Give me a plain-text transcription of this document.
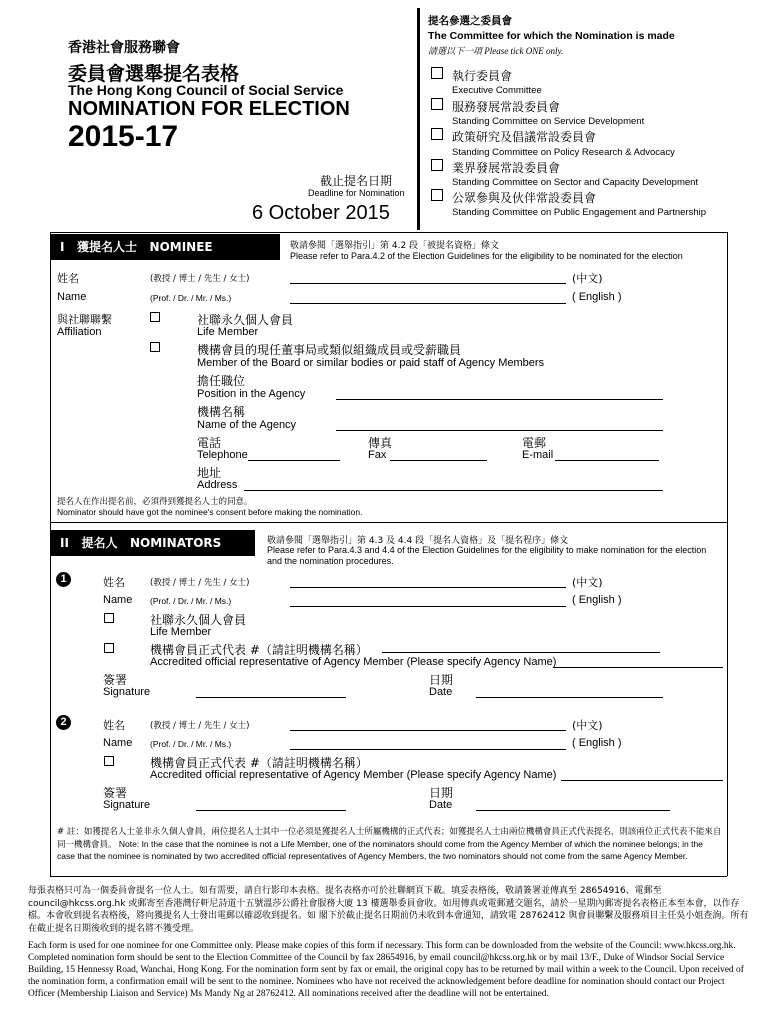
香港社會服務聯會
委員會選舉提名表格
The Hong Kong Council of Social Service
NOMINATION FOR ELECTION
2015-17
截止提名日期
Deadline for Nomination
6 October 2015
提名參選之委員會
The Committee for which the Nomination is made
請選以下一項 Please tick ONE only.
執行委員會
Executive Committee
服務發展常設委員會
Standing Committee on Service Development
政策研究及倡議常設委員會
Standing Committee on Policy Research & Advocacy
業界發展常設委員會
Standing Committee on Sector and Capacity Development
公眾參與及伙伴常設委員會
Standing Committee on Public Engagement and Partnership
I   獲提名人士   NOMINEE	敬請參閱「選舉指引」第 4.2 段「被提名資格」條文
Please refer to Para.4.2 of the Election Guidelines for the eligibility to be nominated for the election
姓名	(教授 / 博士 / 先生 / 女士)	(中文)
Name	(Prof. / Dr. / Mr. / Ms.)	( English )
與社聯聯繫
Affiliation
社聯永久個人會員
Life Member
機構會員的現任董事局或類似組織成員或受薪職員
Member of the Board or similar bodies or paid staff of Agency Members
擔任職位
Position in the Agency
機構名稱
Name of the Agency
電話
Telephone
傳真
Fax
電郵
E-mail
地址
Address
提名人在作出提名前，必須得到獲提名人士的同意。
Nominator should have got the nominee's consent before making the nomination.
II   提名人   NOMINATORS	敬請參閱「選舉指引」第 4.3 及 4.4 段「提名人資格」及「提名程序」條文
Please refer to Para.4.3 and 4.4 of the Election Guidelines for the eligibility to make nomination for the election and the nomination procedures.
1	姓名	(教授 / 博士 / 先生 / 女士)	(中文)
Name (Prof. / Dr. / Mr. / Ms.)	( English )
社聯永久個人會員
Life Member
機構會員正式代表 #（請註明機構名稱）
Accredited official representative of Agency Member (Please specify Agency Name)
簽署
Signature
日期
Date
2	姓名	(教授 / 博士 / 先生 / 女士)	(中文)
Name (Prof. / Dr. / Mr. / Ms.)	( English )
機構會員正式代表 #（請註明機構名稱）
Accredited official representative of Agency Member (Please specify Agency Name)
簽署
Signature
日期
Date
# 註：如獲提名人士並非永久個人會員，兩位提名人士其中一位必須是獲提名人士所屬機構的正式代表；如獲提名人士由兩位機構會員正式代表提名，則該兩位正式代表不能來自同一機構會員。 Note: In the case that the nominee is not a Life Member, one of the nominators should come from the Agency Member of which the nominee belongs; in the case that the nominee is nominated by two accredited official representatives of Agency Members, the two nominators should not come from the same Agency Member.
每張表格只可為一個委員會提名一位人士。如有需要，請自行影印本表格。提名表格亦可於社聯網頁下載。填妥表格後，敬請簽署並傳真至 28654916、電郵至 council@hkcss.org.hk 或郵寄至香港灣仔軒尼詩道十五號溫莎公爵社會服務大廈 13 樓選舉委員會收。如用傳真或電郵遞交題名，請於一星期內郵寄提名表格正本至本會，以作存檔。本會收到提名表格後，將向獲提名人士發出電郵以確認收到提名。如 閣下於截止提名日期前仍未收到本會通知，請致電 28762412 與會員聯繫及服務項目主任吳小姐查詢。所有在截止提名日期後收到的提名將不獲受理。
Each form is used for one nominee for one Committee only. Please make copies of this form if necessary. This form can be downloaded from the website of the Council: www.hkcss.org.hk. Completed nomination form should be sent to the Election Committee of the Council by fax 28654916, by email council@hkcss.org.hk or by mail 13/F., Duke of Windsor Social Service Building, 15 Hennessy Road, Wanchai, Hong Kong. For the nomination form sent by fax or email, the original copy has to be returned by mail within a week to the Council. Upon received of the nomination form, a confirmation email will be sent to the nominee. Nominees who have not received the acknowledgement before deadline for nomination should contact our Project Officer (Membership Liaison and Service) Ms Mandy Ng at 28762412. All nominations received after the deadline will not be entertained.
